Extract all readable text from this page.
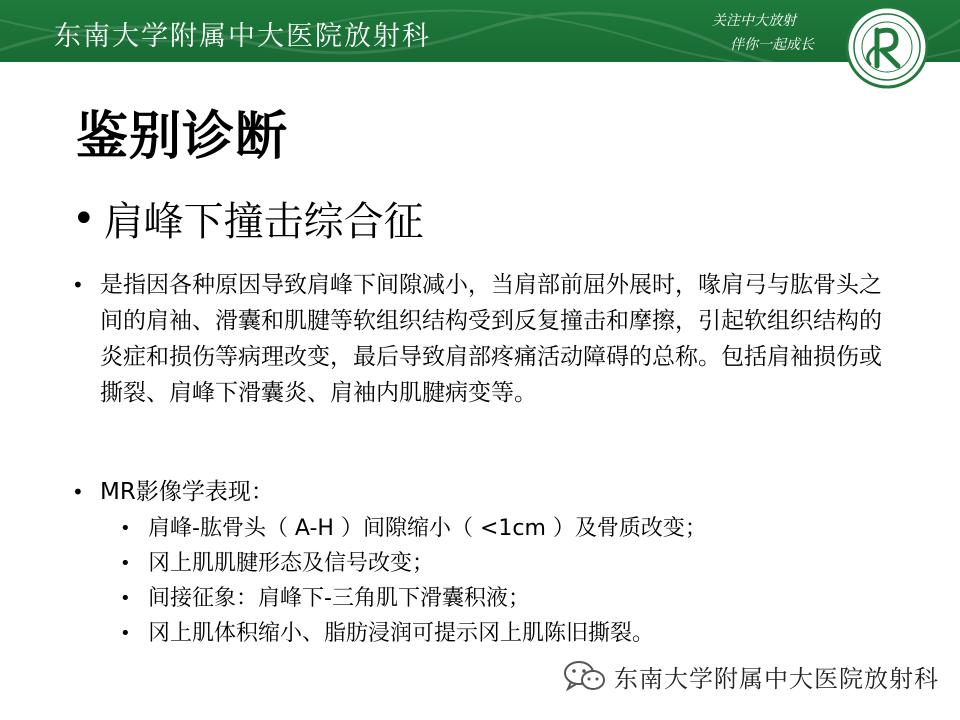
东南大学附属中大医院放射科	关注中大放射
伴你一起成长
鉴别诊断
• 肩峰下撞击综合征
• 是指因各种原因导致肩峰下间隙减小，当肩部前屈外展时，喙肩弓与肱骨头之间的肩袖、滑囊和肌腱等软组织结构受到反复撞击和摩擦，引起软组织结构的炎症和损伤等病理改变，最后导致肩部疼痛活动障碍的总称。包括肩袖损伤或撕裂、肩峰下滑囊炎、肩袖内肌腱病变等。
• MR影像学表现：
• 肩峰-肱骨头（ A-H ）间隙缩小（ <1cm ）及骨质改变；
• 冈上肌肌腱形态及信号改变；
• 间接征象：肩峰下-三角肌下滑囊积液；
• 冈上肌体积缩小、脂肪浸润可提示冈上肌陈旧撕裂。
东南大学附属中大医院放射科
